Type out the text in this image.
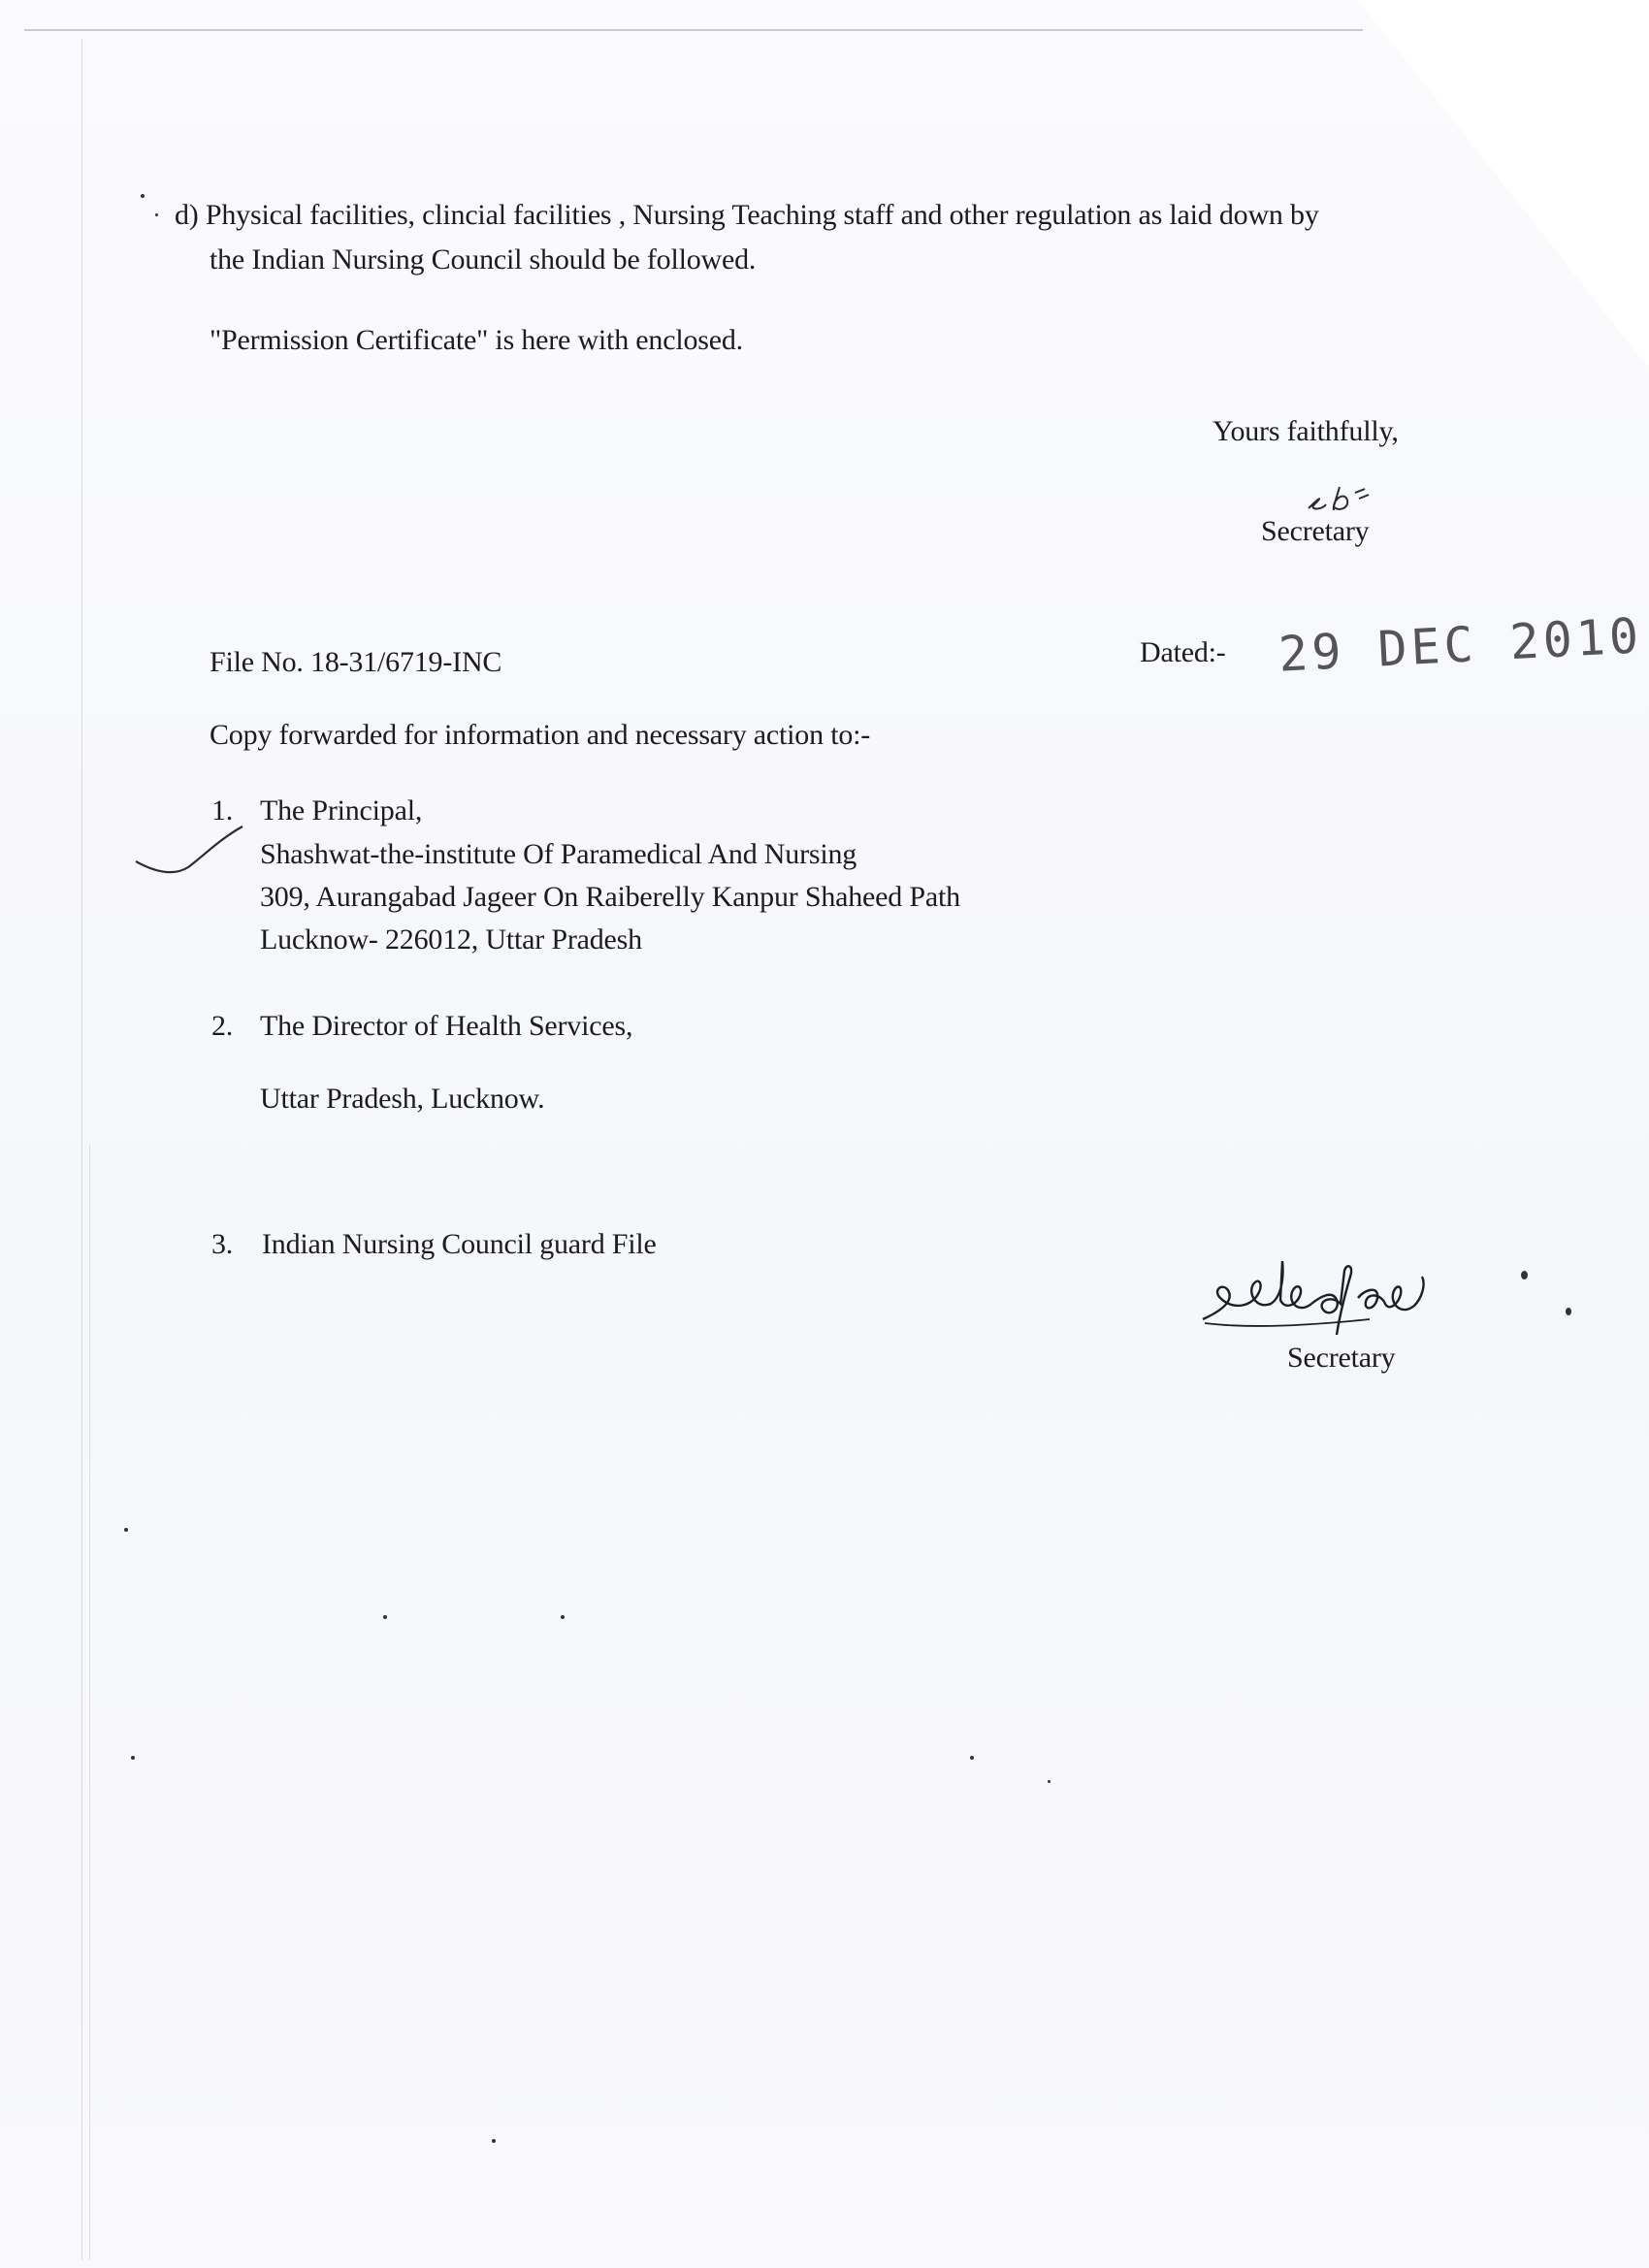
d) Physical facilities, clincial facilities , Nursing Teaching staff and other regulation as laid down by
the Indian Nursing Council should be followed.
"Permission Certificate" is here with enclosed.
Yours faithfully,
Secretary
File No. 18-31/6719-INC	Dated:- 29 DEC 2010
Copy forwarded for information and necessary action to:-
1. The Principal,
Shashwat-the-institute Of Paramedical And Nursing
309, Aurangabad Jageer On Raiberelly Kanpur Shaheed Path
Lucknow- 226012, Uttar Pradesh
2. The Director of Health Services,
Uttar Pradesh, Lucknow.
3. Indian Nursing Council guard File
Secretary
